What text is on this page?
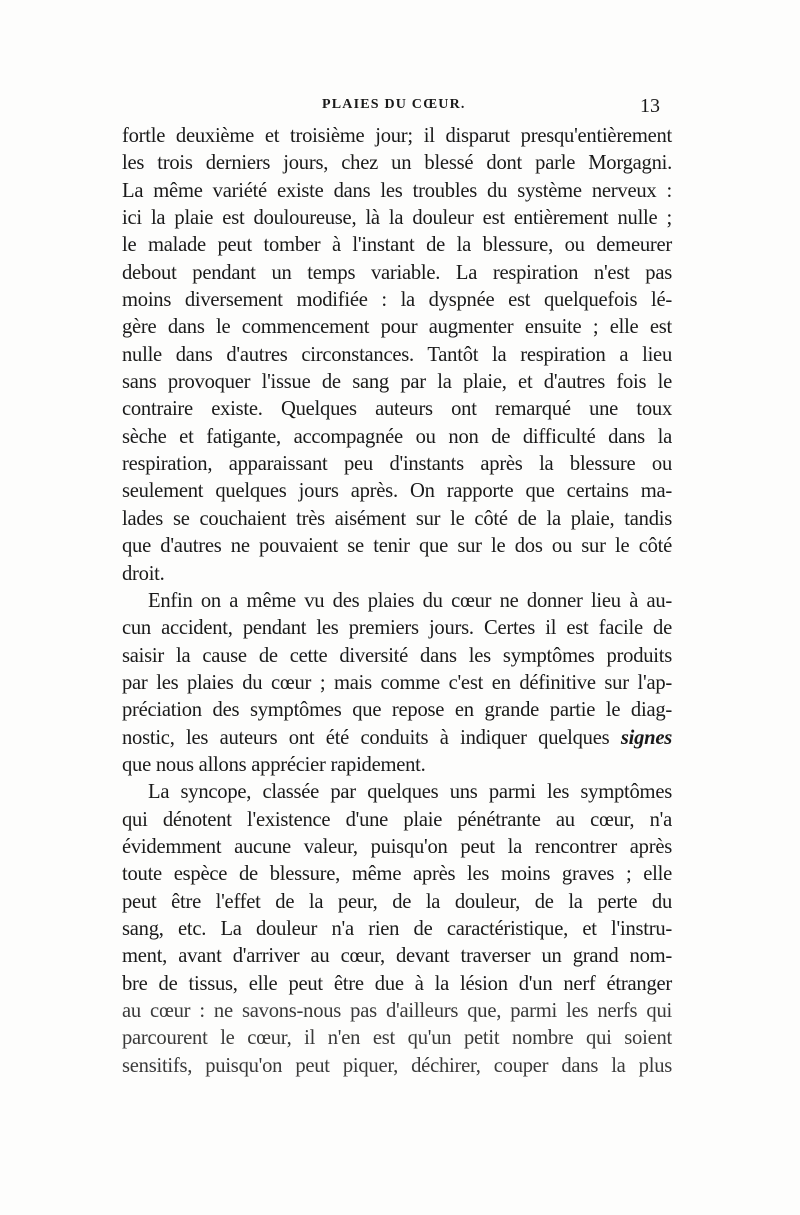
PLAIES DU CŒUR.	13
fortle deuxième et troisième jour; il disparut presqu'entièrement
les trois derniers jours, chez un blessé dont parle Morgagni.
La même variété existe dans les troubles du système nerveux :
ici la plaie est douloureuse, là la douleur est entièrement nulle ;
le malade peut tomber à l'instant de la blessure, ou demeurer
debout pendant un temps variable. La respiration n'est pas
moins diversement modifiée : la dyspnée est quelquefois lé-
gère dans le commencement pour augmenter ensuite ; elle est
nulle dans d'autres circonstances. Tantôt la respiration a lieu
sans provoquer l'issue de sang par la plaie, et d'autres fois le
contraire existe. Quelques auteurs ont remarqué une toux
sèche et fatigante, accompagnée ou non de difficulté dans la
respiration, apparaissant peu d'instants après la blessure ou
seulement quelques jours après. On rapporte que certains ma-
lades se couchaient très aisément sur le côté de la plaie, tandis
que d'autres ne pouvaient se tenir que sur le dos ou sur le côté
droit.
Enfin on a même vu des plaies du cœur ne donner lieu à au-
cun accident, pendant les premiers jours. Certes il est facile de
saisir la cause de cette diversité dans les symptômes produits
par les plaies du cœur ; mais comme c'est en définitive sur l'ap-
préciation des symptômes que repose en grande partie le diag-
nostic, les auteurs ont été conduits à indiquer quelques signes
que nous allons apprécier rapidement.
La syncope, classée par quelques uns parmi les symptômes
qui dénotent l'existence d'une plaie pénétrante au cœur, n'a
évidemment aucune valeur, puisqu'on peut la rencontrer après
toute espèce de blessure, même après les moins graves ; elle
peut être l'effet de la peur, de la douleur, de la perte du
sang, etc. La douleur n'a rien de caractéristique, et l'instru-
ment, avant d'arriver au cœur, devant traverser un grand nom-
bre de tissus, elle peut être due à la lésion d'un nerf étranger
au cœur : ne savons-nous pas d'ailleurs que, parmi les nerfs qui
parcourent le cœur, il n'en est qu'un petit nombre qui soient
sensitifs, puisqu'on peut piquer, déchirer, couper dans la plus
